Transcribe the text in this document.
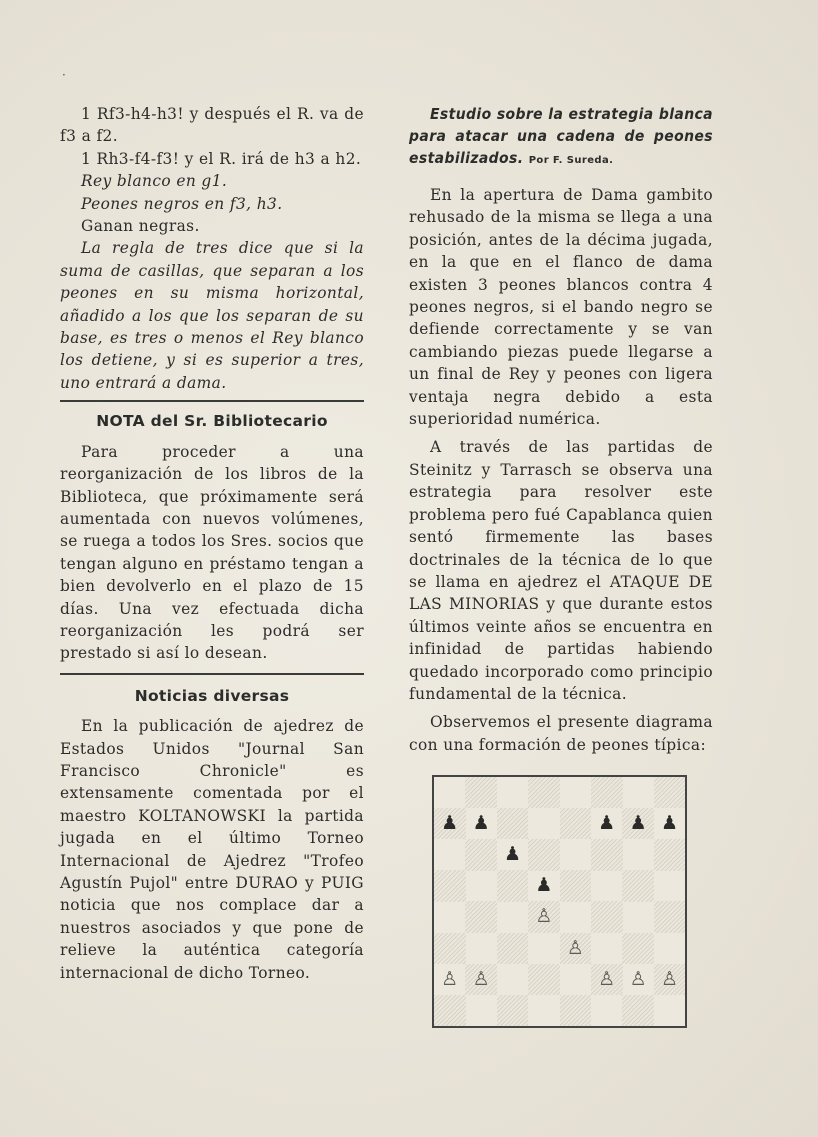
·

1 Rf3-h4-h3! y después el R. va de f3 a f2.

1 Rh3-f4-f3! y el R. irá de h3 a h2.

Rey blanco en g1.

Peones negros en f3, h3.

Ganan negras.

La regla de tres dice que si la suma de casillas, que separan a los peones en su misma horizontal, añadido a los que los separan de su base, es tres o menos el Rey blanco los detiene, y si es superior a tres, uno entrará a dama.

NOTA del Sr. Bibliotecario

Para proceder a una reorganización de los libros de la Biblioteca, que próximamente será aumentada con nuevos volúmenes, se ruega a todos los Sres. socios que tengan alguno en préstamo tengan a bien devolverlo en el plazo de 15 días. Una vez efectuada dicha reorganización les podrá ser prestado si así lo desean.

Noticias diversas

En la publicación de ajedrez de Estados Unidos "Journal San Francisco Chronicle" es extensamente comentada por el maestro KOLTANOWSKI la partida jugada en el último Torneo Internacional de Ajedrez "Trofeo Agustín Pujol" entre DURAO y PUIG noticia que nos complace dar a nuestros asociados y que pone de relieve la auténtica categoría internacional de dicho Torneo.

Estudio sobre la estrategia blanca para atacar una cadena de peones estabilizados. Por F. Sureda.

En la apertura de Dama gambito rehusado de la misma se llega a una posición, antes de la décima jugada, en la que en el flanco de dama existen 3 peones blancos contra 4 peones negros, si el bando negro se defiende correctamente y se van cambiando piezas puede llegarse a un final de Rey y peones con ligera ventaja negra debido a esta superioridad numérica.

A través de las partidas de Steinitz y Tarrasch se observa una estrategia para resolver este problema pero fué Capablanca quien sentó firmemente las bases doctrinales de la técnica de lo que se llama en ajedrez el ATAQUE DE LAS MINORIAS y que durante estos últimos veinte años se encuentra en infinidad de partidas habiendo quedado incorporado como principio fundamental de la técnica.

Observemos el presente diagrama con una formación de peones típica:

♟ ♟	♟ ♟ ♟
♟
♟
♙
♙
♙ ♙	♙ ♙ ♙
